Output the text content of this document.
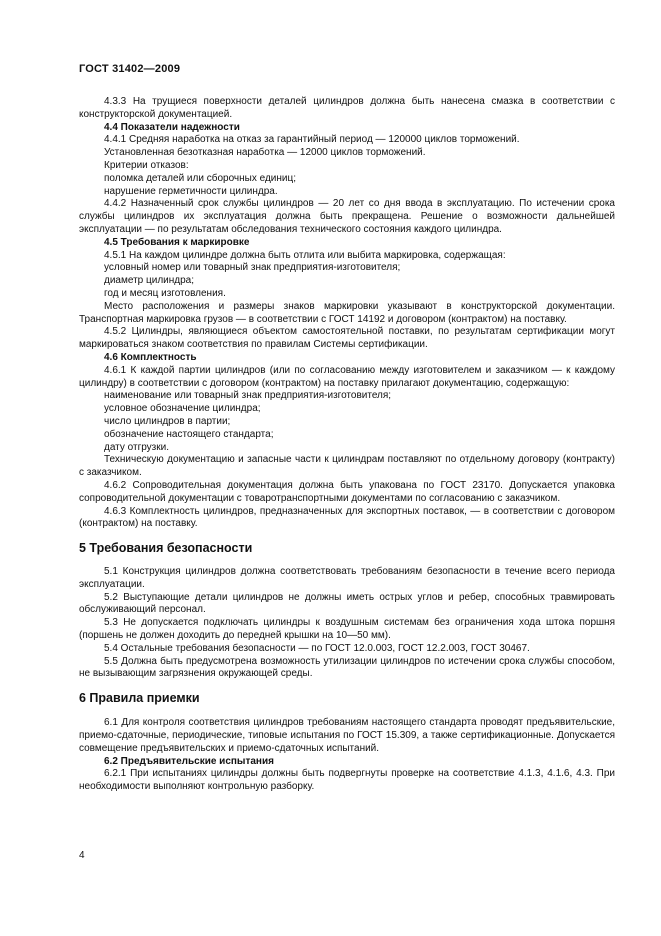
ГОСТ 31402—2009

4.3.3 На трущиеся поверхности деталей цилиндров должна быть нанесена смазка в соответствии с конструкторской документацией.

4.4 Показатели надежности

4.4.1 Средняя наработка на отказ за гарантийный период — 120000 циклов торможений.

Установленная безотказная наработка — 12000 циклов торможений.

Критерии отказов:

поломка деталей или сборочных единиц;

нарушение герметичности цилиндра.

4.4.2 Назначенный срок службы цилиндров — 20 лет со дня ввода в эксплуатацию. По истечении срока службы цилиндров их эксплуатация должна быть прекращена. Решение о возможности дальнейшей эксплуатации — по результатам обследования технического состояния каждого цилиндра.

4.5 Требования к маркировке

4.5.1 На каждом цилиндре должна быть отлита или выбита маркировка, содержащая:

условный номер или товарный знак предприятия-изготовителя;

диаметр цилиндра;

год и месяц изготовления.

Место расположения и размеры знаков маркировки указывают в конструкторской документации. Транспортная маркировка грузов — в соответствии с ГОСТ 14192 и договором (контрактом) на поставку.

4.5.2 Цилиндры, являющиеся объектом самостоятельной поставки, по результатам сертификации могут маркироваться знаком соответствия по правилам Системы сертификации.

4.6 Комплектность

4.6.1 К каждой партии цилиндров (или по согласованию между изготовителем и заказчиком — к каждому цилиндру) в соответствии с договором (контрактом) на поставку прилагают документацию, содержащую:

наименование или товарный знак предприятия-изготовителя;

условное обозначение цилиндра;

число цилиндров в партии;

обозначение настоящего стандарта;

дату отгрузки.

Техническую документацию и запасные части к цилиндрам поставляют по отдельному договору (контракту) с заказчиком.

4.6.2 Сопроводительная документация должна быть упакована по ГОСТ 23170. Допускается упаковка сопроводительной документации с товаротранспортными документами по согласованию с заказчиком.

4.6.3 Комплектность цилиндров, предназначенных для экспортных поставок, — в соответствии с договором (контрактом) на поставку.

5 Требования безопасности

5.1 Конструкция цилиндров должна соответствовать требованиям безопасности в течение всего периода эксплуатации.

5.2 Выступающие детали цилиндров не должны иметь острых углов и ребер, способных травмировать обслуживающий персонал.

5.3 Не допускается подключать цилиндры к воздушным системам без ограничения хода штока поршня (поршень не должен доходить до передней крышки на 10—50 мм).

5.4 Остальные требования безопасности — по ГОСТ 12.0.003, ГОСТ 12.2.003, ГОСТ 30467.

5.5 Должна быть предусмотрена возможность утилизации цилиндров по истечении срока службы способом, не вызывающим загрязнения окружающей среды.

6 Правила приемки

6.1 Для контроля соответствия цилиндров требованиям настоящего стандарта проводят предъявительские, приемо-сдаточные, периодические, типовые испытания по ГОСТ 15.309, а также сертификационные. Допускается совмещение предъявительских и приемо-сдаточных испытаний.

6.2 Предъявительские испытания

6.2.1 При испытаниях цилиндры должны быть подвергнуты проверке на соответствие 4.1.3, 4.1.6, 4.3. При необходимости выполняют контрольную разборку.

4
